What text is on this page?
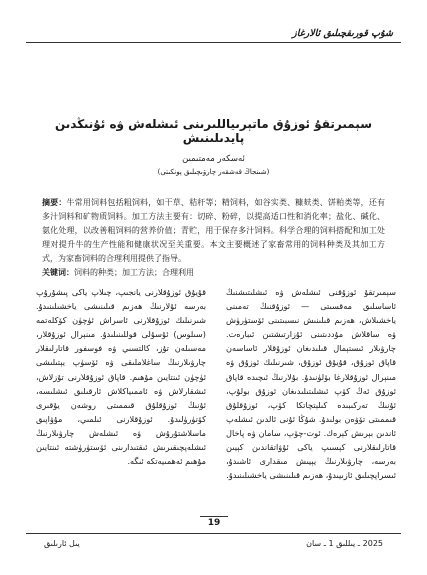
شۇپ قورىقچىلىق ئالارغاز
سېمىرتقۇ ئوزۇق ماتېرىياللىرىنى ئىشلەش ۋە ئۇنىڭدىن پايدىلىنىش
ئەسكەر مەمتىمىن
(شىنجاڭ قەشقەر چارۋىچىلىق پونكىتى)
摘要：牛常用饲料包括粗饲料，如干草、秸秆等；精饲料，如谷实类、糠麸类、饼粕类等，还有多汁饲料和矿物质饲料。加工方法主要有：切碎、粉碎，以提高适口性和消化率；盐化、碱化、氨化处理，以改善粗饲料的营养价值；青贮，用于保存多汁饲料。科学合理的饲料搭配和加工处理对提升牛的生产性能和健康状况至关重要。本文主要概述了家畜常用的饲料种类及其加工方式，为家畜饲料的合理利用提供了指导。
关键词：饲料的种类；加工方法；合理利用

سېمىرتقۇ ئوزۇقنى ئىشلەش ۋە ئىشلىتىشنىڭ ئاساسلىق مەقسىتى — ئوزۇقنىڭ تەمىنى ياخشىلاش، ھەزىم قىلىنىش نىسبىتىنى ئۆستۈرۈش ۋە ساقلاش مۇددىتىنى ئۇزارتىشتىن ئىبارەت. چارۋىلار ئىستېمال قىلىدىغان ئوزۇقلار ئاساسەن قاپاق ئوزۇق، قۇيۇق ئوزۇق، شىرنىلىك ئوزۇق ۋە مىنېرال ئوزۇقلارغا بۆلۈنىدۇ. بۇلارنىڭ ئىچىدە قاپاق ئوزۇق ئەڭ كۆپ ئىشلىتىلىدىغان ئوزۇق بولۇپ، ئۇنىڭ تەركىبىدە كىلېتچاتكا كۆپ، ئوزۇقلۇق قىممىتى تۆۋەن بولىدۇ. شۇڭا ئۇنى ئالدىن ئىشلەپ ئاندىن بېرىش كېرەك. ئوت-چۆپ، سامان ۋە پاخال قاتارلىقلارنى كېسىپ ياكى ئۇۋاتقاندىن كېيىن بەرسە، چارۋىلارنىڭ يېيىش مىقدارى ئاشىدۇ، ئىسراپچىلىق ئازىيىدۇ، ھەزىم قىلىنىشى ياخشىلىنىدۇ.

قۇيۇق ئوزۇقلارنى يانجىپ، چىلاپ ياكى پىشۇرۇپ بەرسە ئۇلارنىڭ ھەزىم قىلىنىشى ياخشىلىنىدۇ. شىرنىلىك ئوزۇقلارنى ئاسراش ئۈچۈن كۆكلەتمە (سىلوس) ئۇسۇلى قوللىنىلىدۇ. مىنېرال ئوزۇقلار، مەسىلەن تۇز، كالتسىي ۋە فوسفور قاتارلىقلار چارۋىلارنىڭ ساغلاملىقى ۋە ئۆسۈپ يېتىلىشى ئۈچۈن ئىنتايىن مۇھىم. قاپاق ئوزۇقلارنى تۇزلاش، ئىشقارلاش ۋە ئاممىياكلاش ئارقىلىق ئىشلىسە، ئۇنىڭ ئوزۇقلۇق قىممىتى روشەن يۇقىرى كۆتۈرۈلىدۇ. ئوزۇقلارنى ئىلمىي، مۇۋاپىق ماسلاشتۇرۇش ۋە ئىشلەش چارۋىلارنىڭ ئىشلەپچىقىرىش ئىقتىدارىنى ئۆستۈرۈشتە ئىنتايىن مۇھىم ئەھمىيەتكە ئىگە.

19
2025 ـ يىللىق 1 ـ سان
يىل ئارىلىق
